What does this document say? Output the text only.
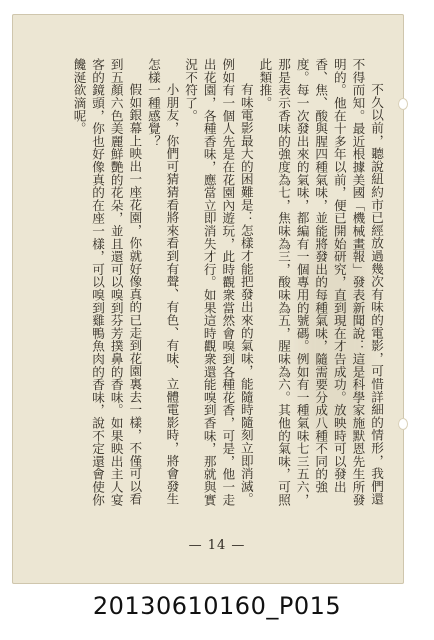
不久以前，聽說紐約市已經放過幾次有味的電影，可惜詳細的情形，我們還不得而知。最近根據美國「機械畫報」發表新聞說：這是科學家施默恩先生所發明的。他在十多年以前，便已開始研究，直到現在才告成功。放映時可以發出香、焦、酸與腥四種氣味，並能將發出的每種氣味，隨需要分成八種不同的強度。每一次發出來的氣味，都編有一個專用的號碼。例如有一種氣味七三五六，那是表示香味的強度為七，焦味為三，酸味為五，腥味為六。其他的氣味，可照此類推。

有味電影最大的困難是：怎樣才能把發出來的氣味，能隨時隨刻立即消滅。例如有一個人先是在花園內遊玩，此時觀衆當然會嗅到各種花香，可是，他一走出花園，各種香味，應當立即消失才行。如果這時觀衆還能嗅到香味，那就與實況不符了。

小朋友，你們可猜猜看將來看到有聲、有色、有味、立體電影時，將會發生怎樣一種感覺？

假如銀幕上映出一座花園，你就好像真的已走到花園裏去一樣，不僅可以看到五顏六色美麗鮮艷的花朵，並且還可以嗅到芬芳撲鼻的香味。如果映出主人宴客的鏡頭，你也好像真的在座一樣，可以嗅到雞鴨魚肉的香味，說不定還會使你饞涎欲滴呢。

— 14 —
20130610160_P015
